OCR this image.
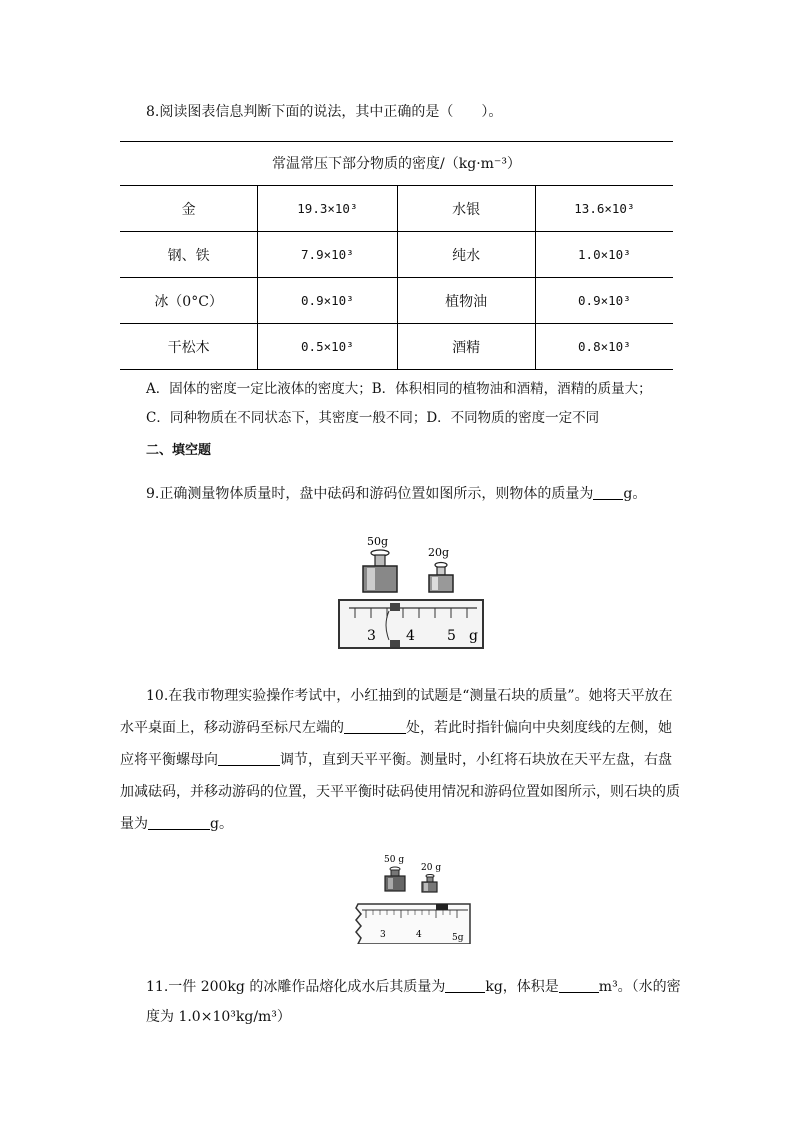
8.阅读图表信息判断下面的说法，其中正确的是（　　）。
常温常压下部分物质的密度/（kg·m⁻³）
金	19.3×10³	水银	13.6×10³
钢、铁	7.9×10³	纯水	1.0×10³
冰（0°C）	0.9×10³	植物油	0.9×10³
干松木	0.5×10³	酒精	0.8×10³
A．固体的密度一定比液体的密度大；B．体积相同的植物油和酒精，酒精的质量大；
C．同种物质在不同状态下，其密度一般不同；D．不同物质的密度一定不同
二、填空题
9.正确测量物体质量时，盘中砝码和游码位置如图所示，则物体的质量为 g。
50g
20g
3 4 5 g
10.在我市物理实验操作考试中，小红抽到的试题是“测量石块的质量”。她将天平放在水平桌面上，移动游码至标尺左端的	处，若此时指针偏向中央刻度线的左侧，她应将平衡螺母向	调节，直到天平平衡。测量时，小红将石块放在天平左盘，右盘加减砝码，并移动游码的位置，天平平衡时砝码使用情况和游码位置如图所示，则石块的质量为	g。
50 g
20 g
3	4	5g
11.一件 200kg 的冰雕作品熔化成水后其质量为	kg，体积是	m³。（水的密度为 1.0×10³kg/m³）
